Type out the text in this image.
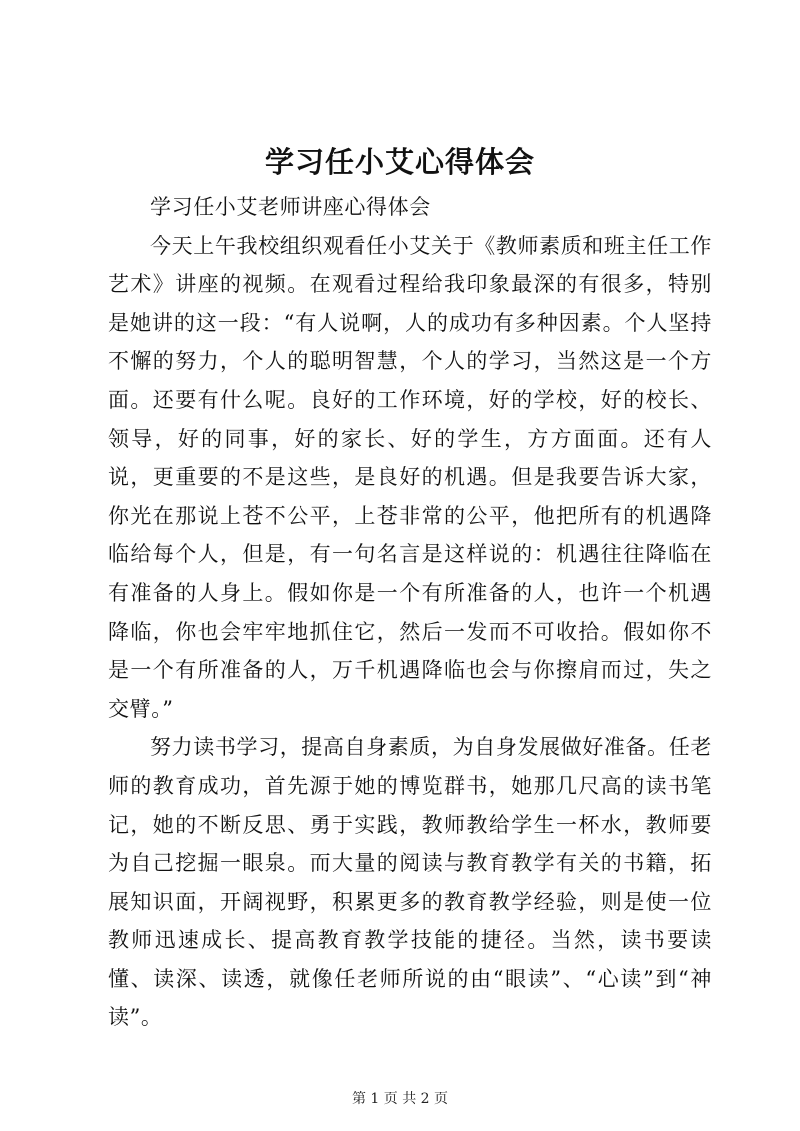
学习任小艾心得体会

学习任小艾老师讲座心得体会

今天上午我校组织观看任小艾关于《教师素质和班主任工作艺术》讲座的视频。在观看过程给我印象最深的有很多，特别是她讲的这一段：“有人说啊，人的成功有多种因素。个人坚持不懈的努力，个人的聪明智慧，个人的学习，当然这是一个方面。还要有什么呢。良好的工作环境，好的学校，好的校长、领导，好的同事，好的家长、好的学生，方方面面。还有人说，更重要的不是这些，是良好的机遇。但是我要告诉大家，你光在那说上苍不公平，上苍非常的公平，他把所有的机遇降临给每个人，但是，有一句名言是这样说的：机遇往往降临在有准备的人身上。假如你是一个有所准备的人，也许一个机遇降临，你也会牢牢地抓住它，然后一发而不可收拾。假如你不是一个有所准备的人，万千机遇降临也会与你擦肩而过，失之交臂。”

努力读书学习，提高自身素质，为自身发展做好准备。任老师的教育成功，首先源于她的博览群书，她那几尺高的读书笔记，她的不断反思、勇于实践，教师教给学生一杯水，教师要为自己挖掘一眼泉。而大量的阅读与教育教学有关的书籍，拓展知识面，开阔视野，积累更多的教育教学经验，则是使一位教师迅速成长、提高教育教学技能的捷径。当然，读书要读懂、读深、读透，就像任老师所说的由“眼读”、“心读”到“神读”。

第 1 页 共 2 页
